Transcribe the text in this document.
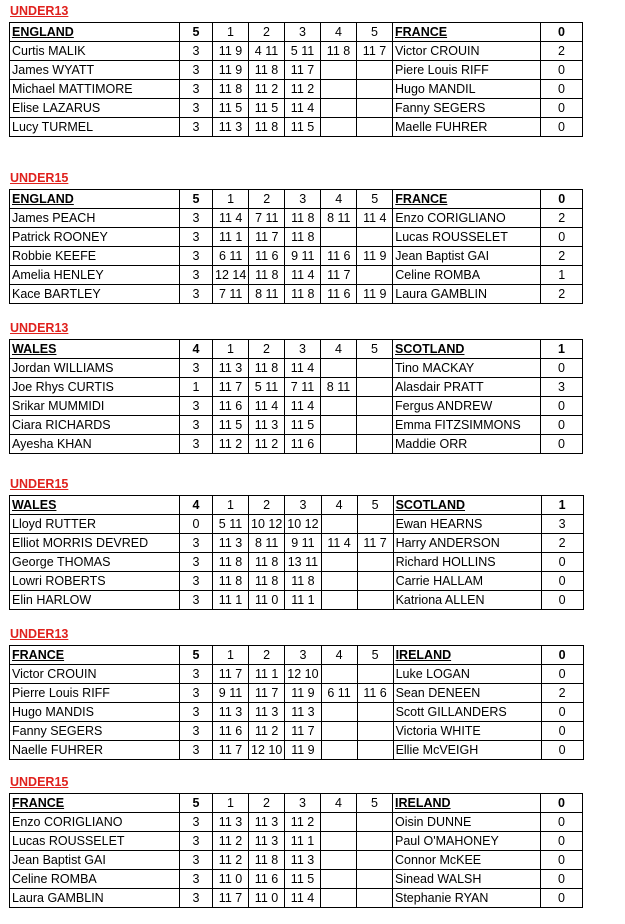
UNDER13
ENGLAND	5	1	2	3	4	5	FRANCE	0
Curtis MALIK	3	11 9	4 11	5 11	11 8	11 7	Victor CROUIN	2
James WYATT	3	11 9	11 8	11 7			Piere Louis RIFF	0
Michael MATTIMORE	3	11 8	11 2	11 2			Hugo MANDIL	0
Elise LAZARUS	3	11 5	11 5	11 4			Fanny SEGERS	0
Lucy TURMEL	3	11 3	11 8	11 5			Maelle FUHRER	0
UNDER15
ENGLAND	5	1	2	3	4	5	FRANCE	0
James PEACH	3	11 4	7 11	11 8	8 11	11 4	Enzo CORIGLIANO	2
Patrick ROONEY	3	11 1	11 7	11 8			Lucas ROUSSELET	0
Robbie KEEFE	3	6 11	11 6	9 11	11 6	11 9	Jean Baptist GAI	2
Amelia HENLEY	3	12 14	11 8	11 4	11 7		Celine ROMBA	1
Kace BARTLEY	3	7 11	8 11	11 8	11 6	11 9	Laura GAMBLIN	2
UNDER13
WALES	4	1	2	3	4	5	SCOTLAND	1
Jordan WILLIAMS	3	11 3	11 8	11 4			Tino MACKAY	0
Joe Rhys CURTIS	1	11 7	5 11	7 11	8 11		Alasdair PRATT	3
Srikar MUMMIDI	3	11 6	11 4	11 4			Fergus ANDREW	0
Ciara RICHARDS	3	11 5	11 3	11 5			Emma FITZSIMMONS	0
Ayesha KHAN	3	11 2	11 2	11 6			Maddie ORR	0
UNDER15
WALES	4	1	2	3	4	5	SCOTLAND	1
Lloyd RUTTER	0	5 11	10 12	10 12			Ewan HEARNS	3
Elliot MORRIS DEVRED	3	11 3	8 11	9 11	11 4	11 7	Harry ANDERSON	2
George THOMAS	3	11 8	11 8	13 11			Richard HOLLINS	0
Lowri ROBERTS	3	11 8	11 8	11 8			Carrie HALLAM	0
Elin HARLOW	3	11 1	11 0	11 1			Katriona ALLEN	0
UNDER13
FRANCE	5	1	2	3	4	5	IRELAND	0
Victor CROUIN	3	11 7	11 1	12 10			Luke LOGAN	0
Pierre Louis RIFF	3	9 11	11 7	11 9	6 11	11 6	Sean DENEEN	2
Hugo MANDIS	3	11 3	11 3	11 3			Scott GILLANDERS	0
Fanny SEGERS	3	11 6	11 2	11 7			Victoria WHITE	0
Naelle FUHRER	3	11 7	12 10	11 9			Ellie McVEIGH	0
UNDER15
FRANCE	5	1	2	3	4	5	IRELAND	0
Enzo CORIGLIANO	3	11 3	11 3	11 2			Oisin DUNNE	0
Lucas ROUSSELET	3	11 2	11 3	11 1			Paul O'MAHONEY	0
Jean Baptist GAI	3	11 2	11 8	11 3			Connor McKEE	0
Celine ROMBA	3	11 0	11 6	11 5			Sinead WALSH	0
Laura GAMBLIN	3	11 7	11 0	11 4			Stephanie RYAN	0
